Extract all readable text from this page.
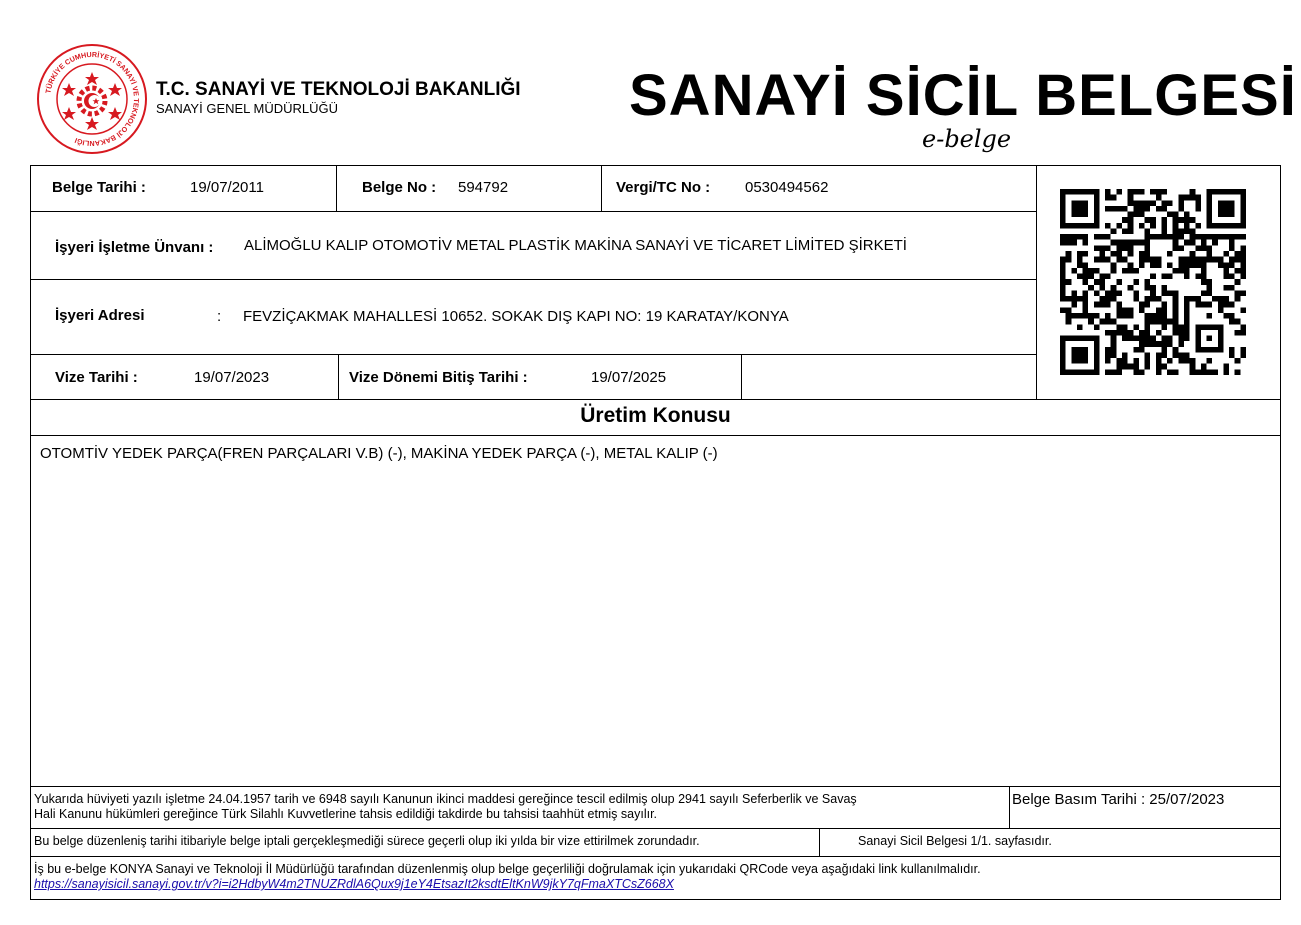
TÜRKİYE CUMHURİYETİ SANAYİ VE TEKNOLOJİ BAKANLIĞI
T.C. SANAYİ VE TEKNOLOJİ BAKANLIĞI
SANAYİ GENEL MÜDÜRLÜĞÜ	SANAYİ SİCİL BELGESİ
e-belge
Belge Tarihi :	19/07/2011	Belge No : 594792	Vergi/TC No : 0530494562
İşyeri İşletme Ünvanı : ALİMOĞLU KALIP OTOMOTİV METAL PLASTİK MAKİNA SANAYİ VE TİCARET LİMİTED ŞİRKETİ
İşyeri Adresi	: FEVZİÇAKMAK MAHALLESİ 10652. SOKAK DIŞ KAPI NO: 19 KARATAY/KONYA
Vize Tarihi :	19/07/2023	Vize Dönemi Bitiş Tarihi :	19/07/2025
Üretim Konusu
OTOMTİV YEDEK PARÇA(FREN PARÇALARI V.B) (-), MAKİNA YEDEK PARÇA (-), METAL KALIP (-)
Yukarıda hüviyeti yazılı işletme 24.04.1957 tarih ve 6948 sayılı Kanunun ikinci maddesi gereğince tescil edilmiş olup 2941 sayılı Seferberlik ve Savaş
Hali Kanunu hükümleri gereğince Türk Silahlı Kuvvetlerine tahsis edildiği takdirde bu tahsisi taahhüt etmiş sayılır.
Belge Basım Tarihi : 25/07/2023
Bu belge düzenleniş tarihi itibariyle belge iptali gerçekleşmediği sürece geçerli olup iki yılda bir vize ettirilmek zorundadır.	Sanayi Sicil Belgesi 1/1. sayfasıdır.
İş bu e-belge KONYA Sanayi ve Teknoloji İl Müdürlüğü tarafından düzenlenmiş olup belge geçerliliği doğrulamak için yukarıdaki QRCode veya aşağıdaki link kullanılmalıdır.
https://sanayisicil.sanayi.gov.tr/v?i=i2HdbyW4m2TNUZRdlA6Qux9j1eY4EtsazIt2ksdtEltKnW9jkY7qFmaXTCsZ668X
